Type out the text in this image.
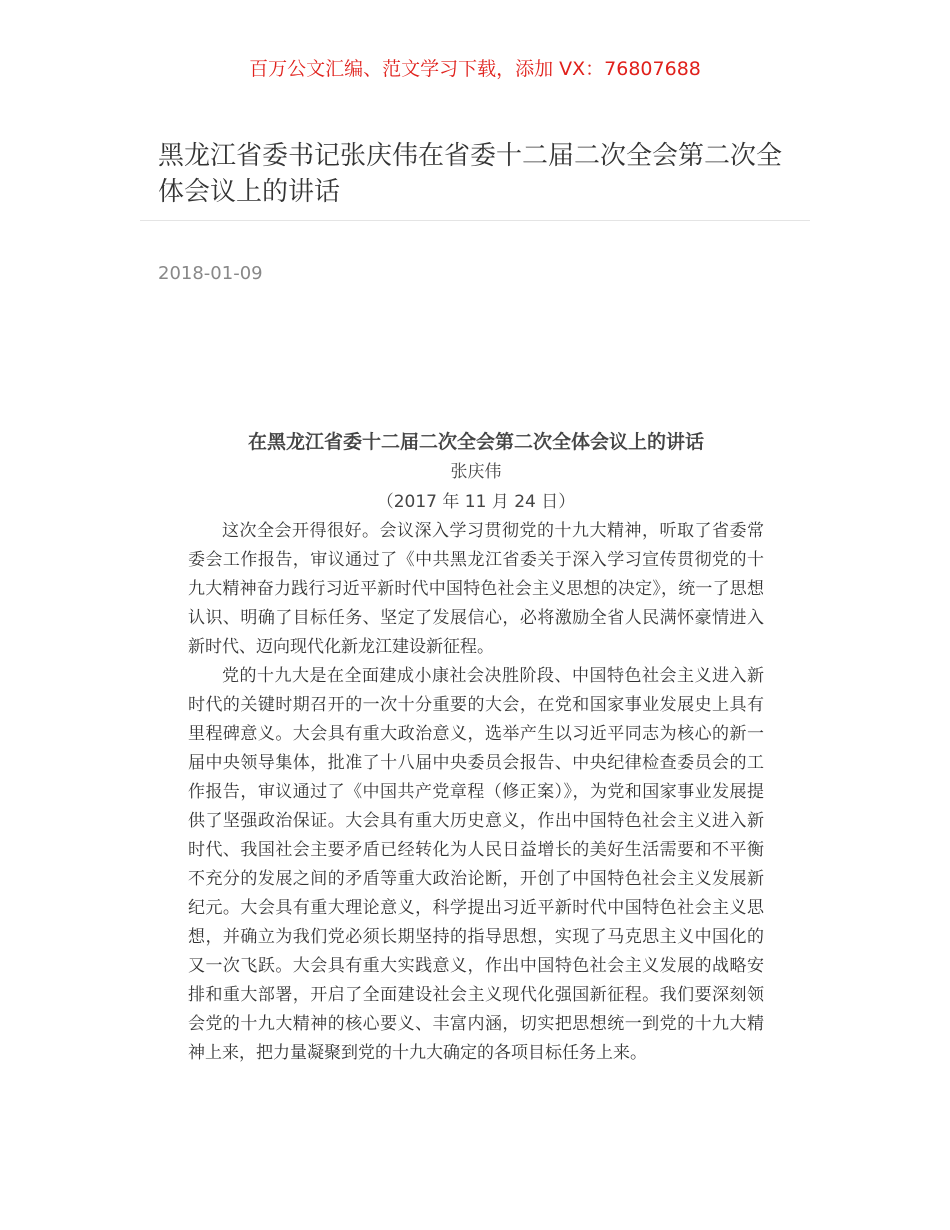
百万公文汇编、范文学习下载，添加 VX：76807688
黑龙江省委书记张庆伟在省委十二届二次全会第二次全体会议上的讲话
2018-01-09
在黑龙江省委十二届二次全会第二次全体会议上的讲话
张庆伟
（2017 年 11 月 24 日）

这次全会开得很好。会议深入学习贯彻党的十九大精神，听取了省委常委会工作报告，审议通过了《中共黑龙江省委关于深入学习宣传贯彻党的十九大精神奋力践行习近平新时代中国特色社会主义思想的决定》，统一了思想认识、明确了目标任务、坚定了发展信心，必将激励全省人民满怀豪情进入新时代、迈向现代化新龙江建设新征程。

党的十九大是在全面建成小康社会决胜阶段、中国特色社会主义进入新时代的关键时期召开的一次十分重要的大会，在党和国家事业发展史上具有里程碑意义。大会具有重大政治意义，选举产生以习近平同志为核心的新一届中央领导集体，批准了十八届中央委员会报告、中央纪律检查委员会的工作报告，审议通过了《中国共产党章程（修正案）》，为党和国家事业发展提供了坚强政治保证。大会具有重大历史意义，作出中国特色社会主义进入新时代、我国社会主要矛盾已经转化为人民日益增长的美好生活需要和不平衡不充分的发展之间的矛盾等重大政治论断，开创了中国特色社会主义发展新纪元。大会具有重大理论意义，科学提出习近平新时代中国特色社会主义思想，并确立为我们党必须长期坚持的指导思想，实现了马克思主义中国化的又一次飞跃。大会具有重大实践意义，作出中国特色社会主义发展的战略安排和重大部署，开启了全面建设社会主义现代化强国新征程。我们要深刻领会党的十九大精神的核心要义、丰富内涵，切实把思想统一到党的十九大精神上来，把力量凝聚到党的十九大确定的各项目标任务上来。
